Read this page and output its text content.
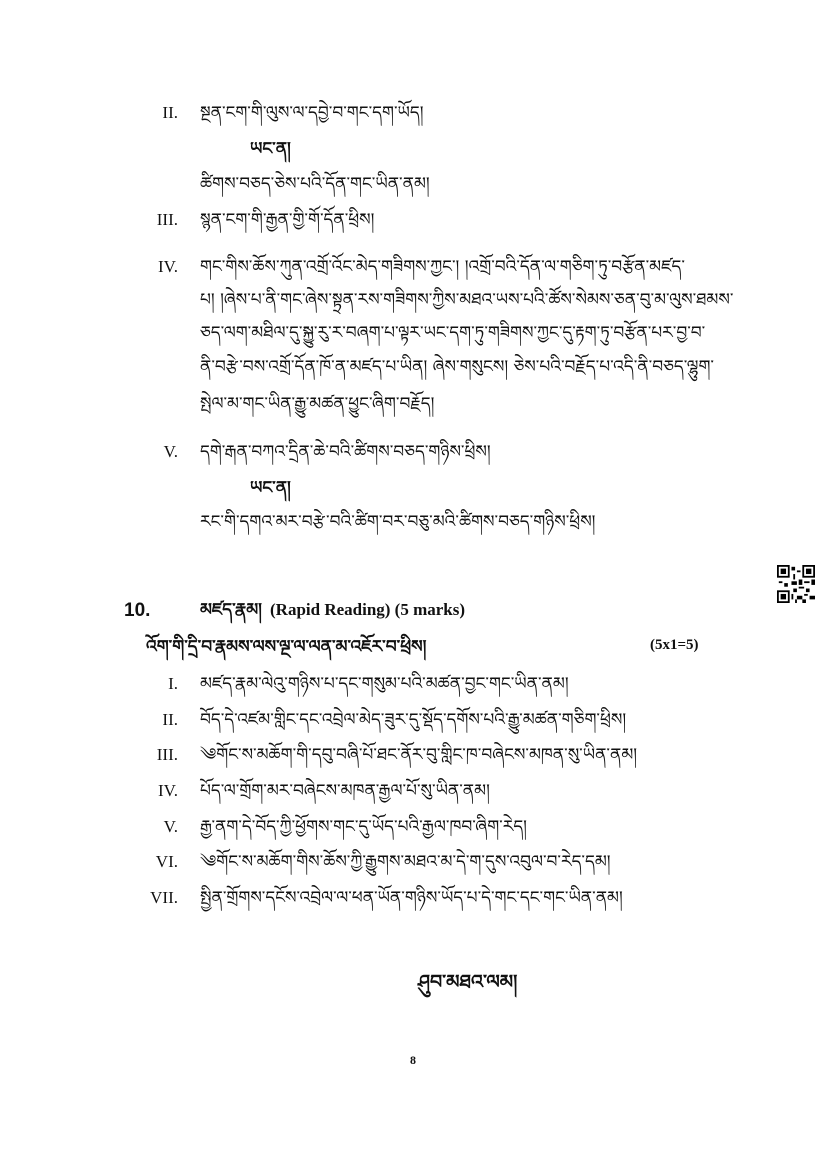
II. སྔན་ངག་གི་ལུས་ལ་དབྱེ་བ་གང་དག་ཡོད།
ཡང་ན།
ཚིགས་བཅད་ཅེས་པའི་དོན་གང་ཡིན་ནམ།
III. སྙན་ངག་གི་རྒྱན་གྱི་གོ་དོན་ཕྲིས།
IV. གང་གིས་ཆོས་ཀུན་འགྲོ་འོང་མེད་གཟིགས་ཀྱང་། །འགྲོ་བའི་དོན་ལ་གཅིག་ཏུ་བརྩོན་མཛད་
པ། །ཞེས་པ་ནི་གང་ཞེས་སྟྲན་རས་གཟིགས་ཀྱིས་མཐའ་ཡས་པའི་ཚོས་སེམས་ཅན་བུ་མ་ལུས་ཐམས་
ཅད་ལག་མཐིལ་དུ་སྐྱུ་རུ་ར་བཞག་པ་ལྟར་ཡང་དག་ཏུ་གཟིགས་ཀྱང་དུ་རྟག་ཏུ་བརྩོན་པར་བྱ་བ་
ནི་བརྩེ་བས་འགྲོ་དོན་ཁོ་ན་མཛད་པ་ཡིན། ཞེས་གསུངས། ཅེས་པའི་བརྗོད་པ་འདི་ནི་བཅད་ལྷུག་
སྤེལ་མ་གང་ཡིན་རྒྱུ་མཚན་ཕྱུང་ཞིག་བརྗོད།
V. དགེ་རྒན་བཀའ་དྲིན་ཆེ་བའི་ཚིགས་བཅད་གཉིས་ཕྲིས།
ཡང་ན།
རང་གི་དགའ་མར་བརྩེ་བའི་ཚིག་བར་བཅུ་མའི་ཚིགས་བཅད་གཉིས་ཕྲིས།
10.	མཛད་རྣམ། (Rapid Reading) (5 marks)
འོག་གི་དྲི་བ་རྣམས་ལས་ལྔ་ལ་ལན་མ་འཇོར་བ་ཕྲིས།	(5x1=5)
I. མཛད་རྣམ་ལེའུ་གཉིས་པ་དང་གསུམ་པའི་མཚན་བྱང་གང་ཡིན་ནམ།
II. བོད་དེ་འཛམ་གླིང་དང་འབྲེལ་མེད་ཟུར་དུ་སྡོད་དགོས་པའི་རྒྱུ་མཚན་གཅིག་ཕྲིས།
III. ༄གོང་ས་མཆོག་གི་དབུ་བཞི་པོ་ཐང་ནོར་བུ་གླིང་ཁ་བཞེངས་མཁན་སུ་ཡིན་ནམ།
IV. པོད་ལ་གྲོག་མར་བཞེངས་མཁན་རྒྱལ་པོ་སུ་ཡིན་ནམ།
V. རྒྱ་ནག་དེ་བོད་ཀྱི་ཕྱོགས་གང་དུ་ཡོད་པའི་རྒྱལ་ཁབ་ཞིག་རེད།
VI. ༄གོང་ས་མཆོག་གིས་ཆོས་ཀྱི་རྒྱུགས་མཐའ་མ་དེ་ག་དུས་འབུལ་བ་རེད་དམ།
VII. སྤྱིན་གྲོགས་དངོས་འབྲེལ་ལ་ཕན་ཡོན་གཉིས་ཡོད་པ་དེ་གང་དང་གང་ཡིན་ནམ།
ཤུབ་མཐའ་ལམ།
8
